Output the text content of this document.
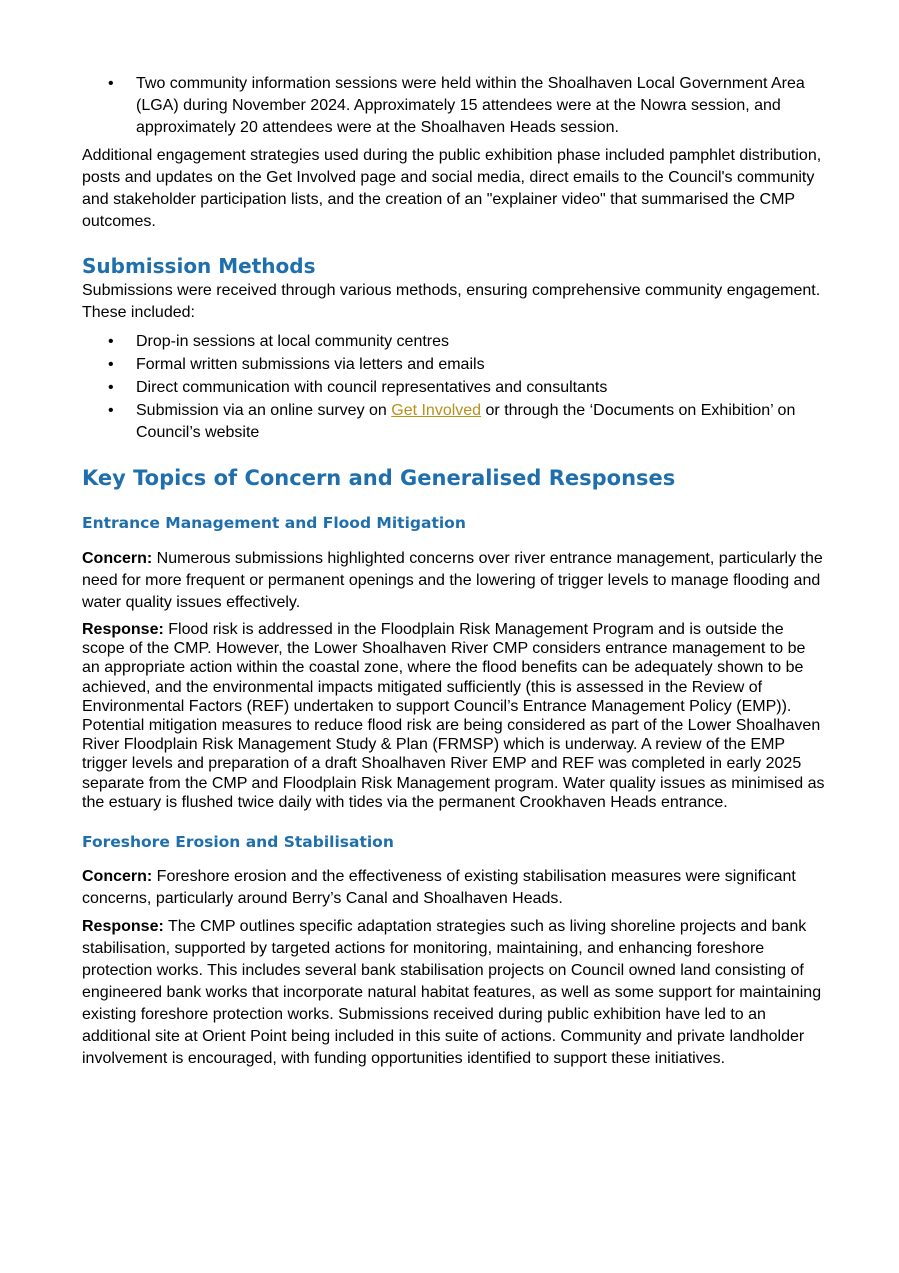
• Two community information sessions were held within the Shoalhaven Local Government Area (LGA) during November 2024. Approximately 15 attendees were at the Nowra session, and approximately 20 attendees were at the Shoalhaven Heads session.

Additional engagement strategies used during the public exhibition phase included pamphlet distribution, posts and updates on the Get Involved page and social media, direct emails to the Council's community and stakeholder participation lists, and the creation of an "explainer video" that summarised the CMP outcomes.

Submission Methods

Submissions were received through various methods, ensuring comprehensive community engagement. These included:

• Drop-in sessions at local community centres
• Formal written submissions via letters and emails
• Direct communication with council representatives and consultants
• Submission via an online survey on Get Involved or through the ‘Documents on Exhibition’ on Council’s website
Key Topics of Concern and Generalised Responses
Entrance Management and Flood Mitigation

Concern: Numerous submissions highlighted concerns over river entrance management, particularly the need for more frequent or permanent openings and the lowering of trigger levels to manage flooding and water quality issues effectively.

Response: Flood risk is addressed in the Floodplain Risk Management Program and is outside the scope of the CMP. However, the Lower Shoalhaven River CMP considers entrance management to be an appropriate action within the coastal zone, where the flood benefits can be adequately shown to be achieved, and the environmental impacts mitigated sufficiently (this is assessed in the Review of Environmental Factors (REF) undertaken to support Council’s Entrance Management Policy (EMP)). Potential mitigation measures to reduce flood risk are being considered as part of the Lower Shoalhaven River Floodplain Risk Management Study & Plan (FRMSP) which is underway. A review of the EMP trigger levels and preparation of a draft Shoalhaven River EMP and REF was completed in early 2025 separate from the CMP and Floodplain Risk Management program. Water quality issues as minimised as the estuary is flushed twice daily with tides via the permanent Crookhaven Heads entrance.

Foreshore Erosion and Stabilisation

Concern: Foreshore erosion and the effectiveness of existing stabilisation measures were significant concerns, particularly around Berry’s Canal and Shoalhaven Heads.

Response: The CMP outlines specific adaptation strategies such as living shoreline projects and bank stabilisation, supported by targeted actions for monitoring, maintaining, and enhancing foreshore protection works. This includes several bank stabilisation projects on Council owned land consisting of engineered bank works that incorporate natural habitat features, as well as some support for maintaining existing foreshore protection works. Submissions received during public exhibition have led to an additional site at Orient Point being included in this suite of actions. Community and private landholder involvement is encouraged, with funding opportunities identified to support these initiatives.
